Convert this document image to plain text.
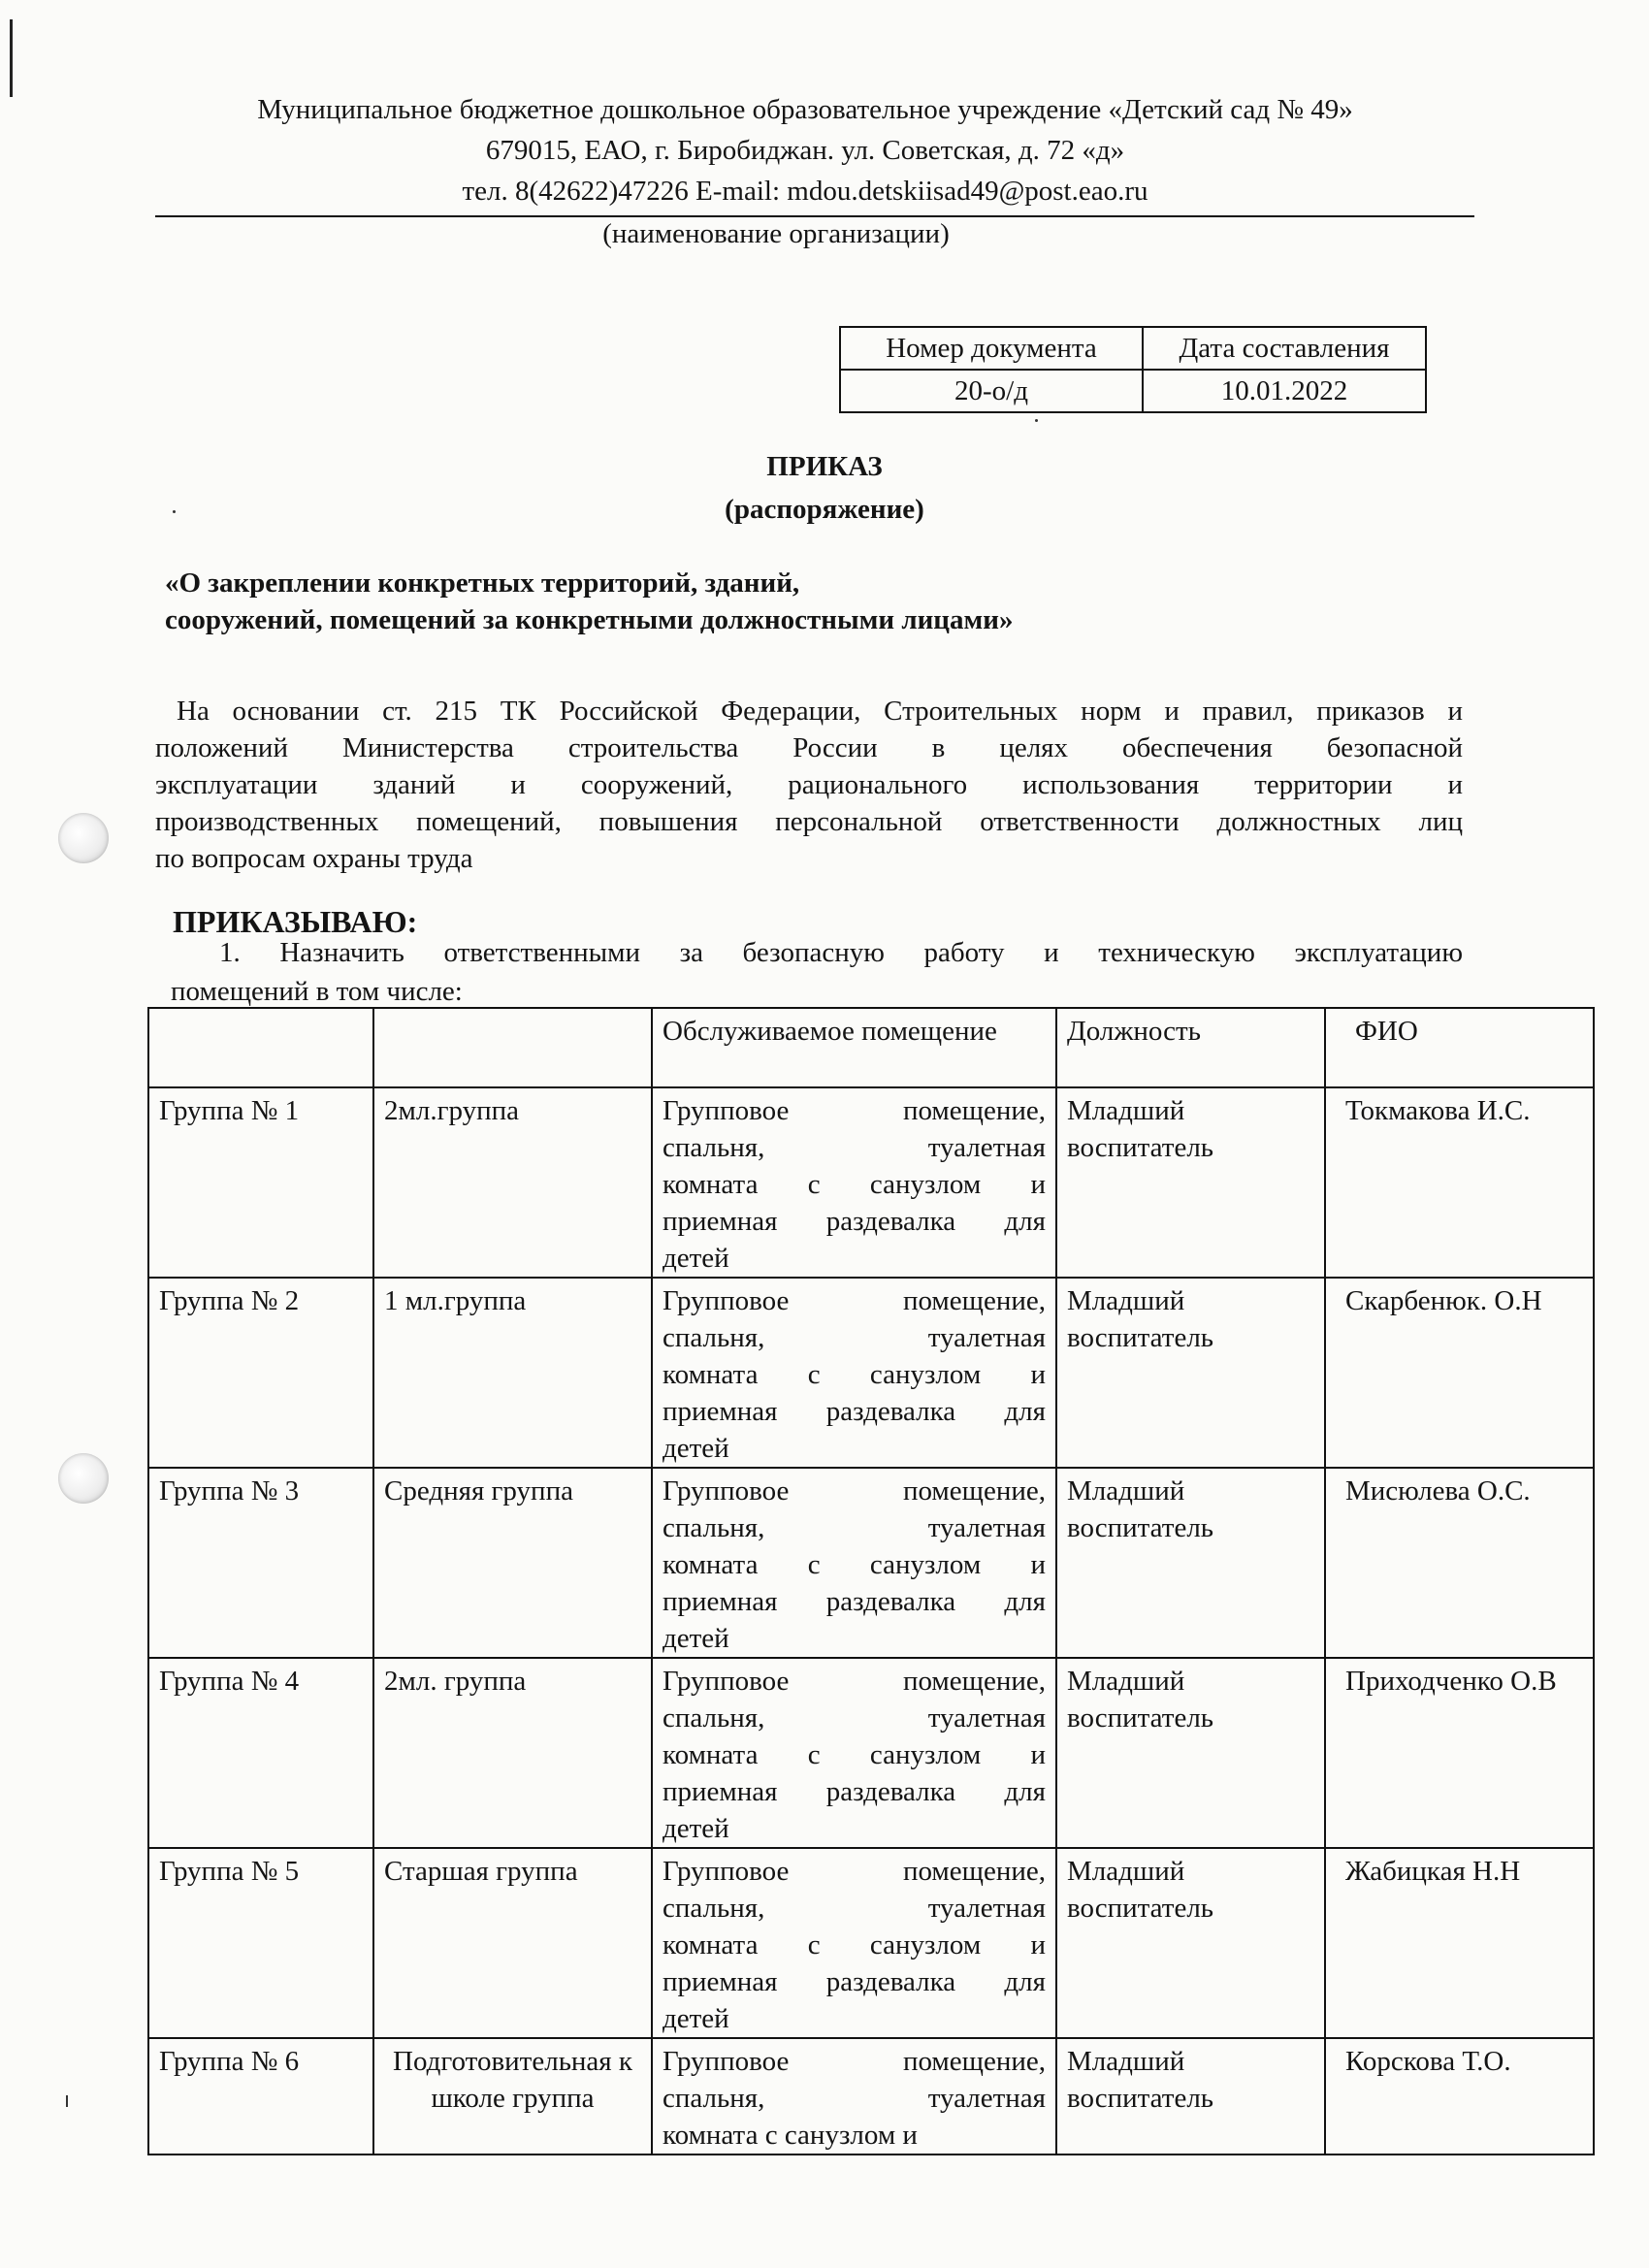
Муниципальное бюджетное дошкольное образовательное учреждение «Детский сад № 49»
679015, ЕАО, г. Биробиджан. ул. Советская, д. 72 «д»
тел. 8(42622)47226 E-mail: mdou.detskiisad49@post.eao.ru
(наименование организации)
Номер документа	Дата составления
20-о/д	10.01.2022
ПРИКАЗ
(распоряжение)
«О закреплении конкретных территорий, зданий,
сооружений, помещений за конкретными должностными лицами»
На основании ст. 215 ТК Российской Федерации, Строительных норм и правил, приказов и
положений Министерства строительства России в целях обеспечения безопасной
эксплуатации зданий и сооружений, рационального использования территории и
производственных помещений, повышения персональной ответственности должностных лиц
по вопросам охраны труда
ПРИКАЗЫВАЮ:
1. Назначить ответственными за безопасную работу и техническую эксплуатацию
помещений в том числе:
		Обслуживаемое помещение	Должность	ФИО
Группа № 1	2мл.группа	Групповое помещение,
спальня, туалетная
комната с санузлом и
приемная раздевалка для
детей	Младший воспитатель	Токмакова И.С.
Группа № 2	1 мл.группа	Групповое помещение,
спальня, туалетная
комната с санузлом и
приемная раздевалка для
детей	Младший воспитатель	Скарбенюк. О.Н
Группа № 3	Средняя группа	Групповое помещение,
спальня, туалетная
комната с санузлом и
приемная раздевалка для
детей	Младший воспитатель	Мисюлева О.С.
Группа № 4	2мл. группа	Групповое помещение,
спальня, туалетная
комната с санузлом и
приемная раздевалка для
детей	Младший воспитатель	Приходченко О.В
Группа № 5	Старшая группа	Групповое помещение,
спальня, туалетная
комната с санузлом и
приемная раздевалка для
детей	Младший воспитатель	Жабицкая Н.Н
Группа № 6	Подготовительная к школе группа	Групповое помещение,
спальня, туалетная
комната с санузлом и	Младший воспитатель	Корскова Т.О.
